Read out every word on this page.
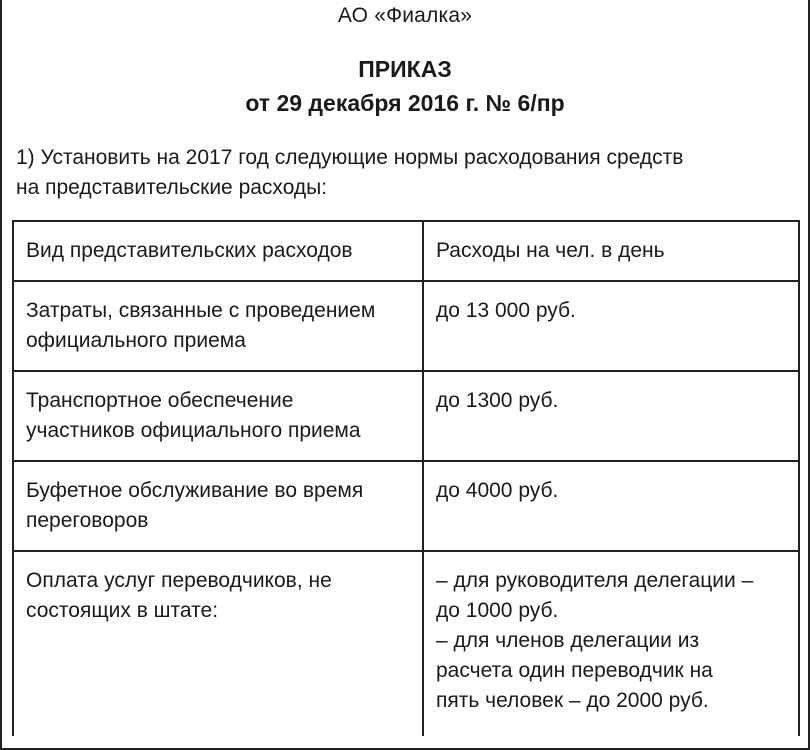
АО «Фиалка»
ПРИКАЗ
от 29 декабря 2016 г. № 6/пр
1) Установить на 2017 год следующие нормы расходования средств
на представительские расходы:
Вид представительских расходов	Расходы на чел. в день

Затраты, связанные с проведением
официального приема	до 13 000 руб.

Транспортное обеспечение
участников официального приема	до 1300 руб.

Буфетное обслуживание во время
переговоров	до 4000 руб.

Оплата услуг переводчиков, не
состоящих в штате:	– для руководителя делегации –
до 1000 руб.
– для членов делегации из
расчета один переводчик на
пять человек – до 2000 руб.
